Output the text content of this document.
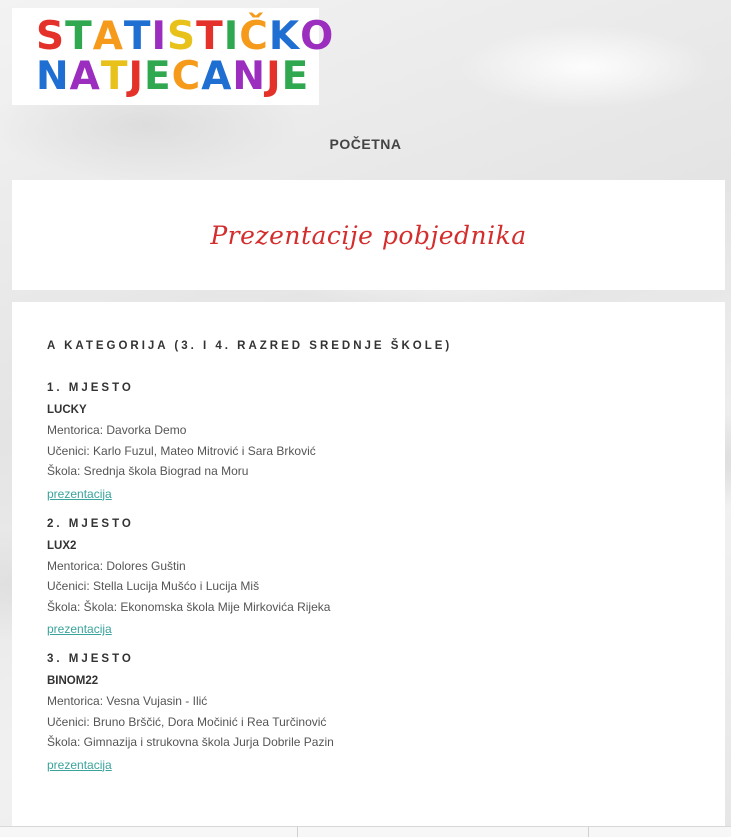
STATISTIČKO
NATJECANJE
POČETNA
Prezentacije pobjednika
A KATEGORIJA (3. I 4. RAZRED SREDNJE ŠKOLE)
1. MJESTO
LUCKY
Mentorica: Davorka Demo
Učenici: Karlo Fuzul, Mateo Mitrović i Sara Brković
Škola: Srednja škola Biograd na Moru
prezentacija
2. MJESTO
LUX2
Mentorica: Dolores Guštin
Učenici: Stella Lucija Mušćo i Lucija Miš
Škola: Škola: Ekonomska škola Mije Mirkovića Rijeka
prezentacija
3. MJESTO
BINOM22
Mentorica: Vesna Vujasin - Ilić
Učenici: Bruno Brščić, Dora Močinić i Rea Turčinović
Škola: Gimnazija i strukovna škola Jurja Dobrile Pazin
prezentacija
